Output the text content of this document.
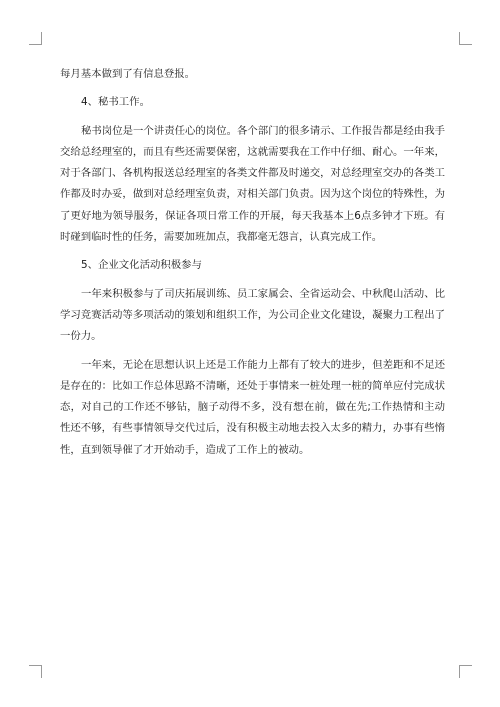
每月基本做到了有信息登报。

4、秘书工作。

秘书岗位是一个讲责任心的岗位。各个部门的很多请示、工作报告都是经由我手交给总经理室的，而且有些还需要保密，这就需要我在工作中仔细、耐心。一年来，对于各部门、各机构报送总经理室的各类文件都及时递交，对总经理室交办的各类工作都及时办妥，做到对总经理室负责，对相关部门负责。因为这个岗位的特殊性，为了更好地为领导服务，保证各项日常工作的开展，每天我基本上6点多钟才下班。有时碰到临时性的任务，需要加班加点，我都毫无怨言，认真完成工作。

5、企业文化活动积极参与

一年来积极参与了司庆拓展训练、员工家属会、全省运动会、中秋爬山活动、比学习竞赛活动等多项活动的策划和组织工作，为公司企业文化建设，凝聚力工程出了一份力。

一年来，无论在思想认识上还是工作能力上都有了较大的进步，但差距和不足还是存在的：比如工作总体思路不清晰，还处于事情来一桩处理一桩的简单应付完成状态，对自己的工作还不够钻，脑子动得不多，没有想在前，做在先;工作热情和主动性还不够，有些事情领导交代过后，没有积极主动地去投入太多的精力，办事有些惰性，直到领导催了才开始动手，造成了工作上的被动。
